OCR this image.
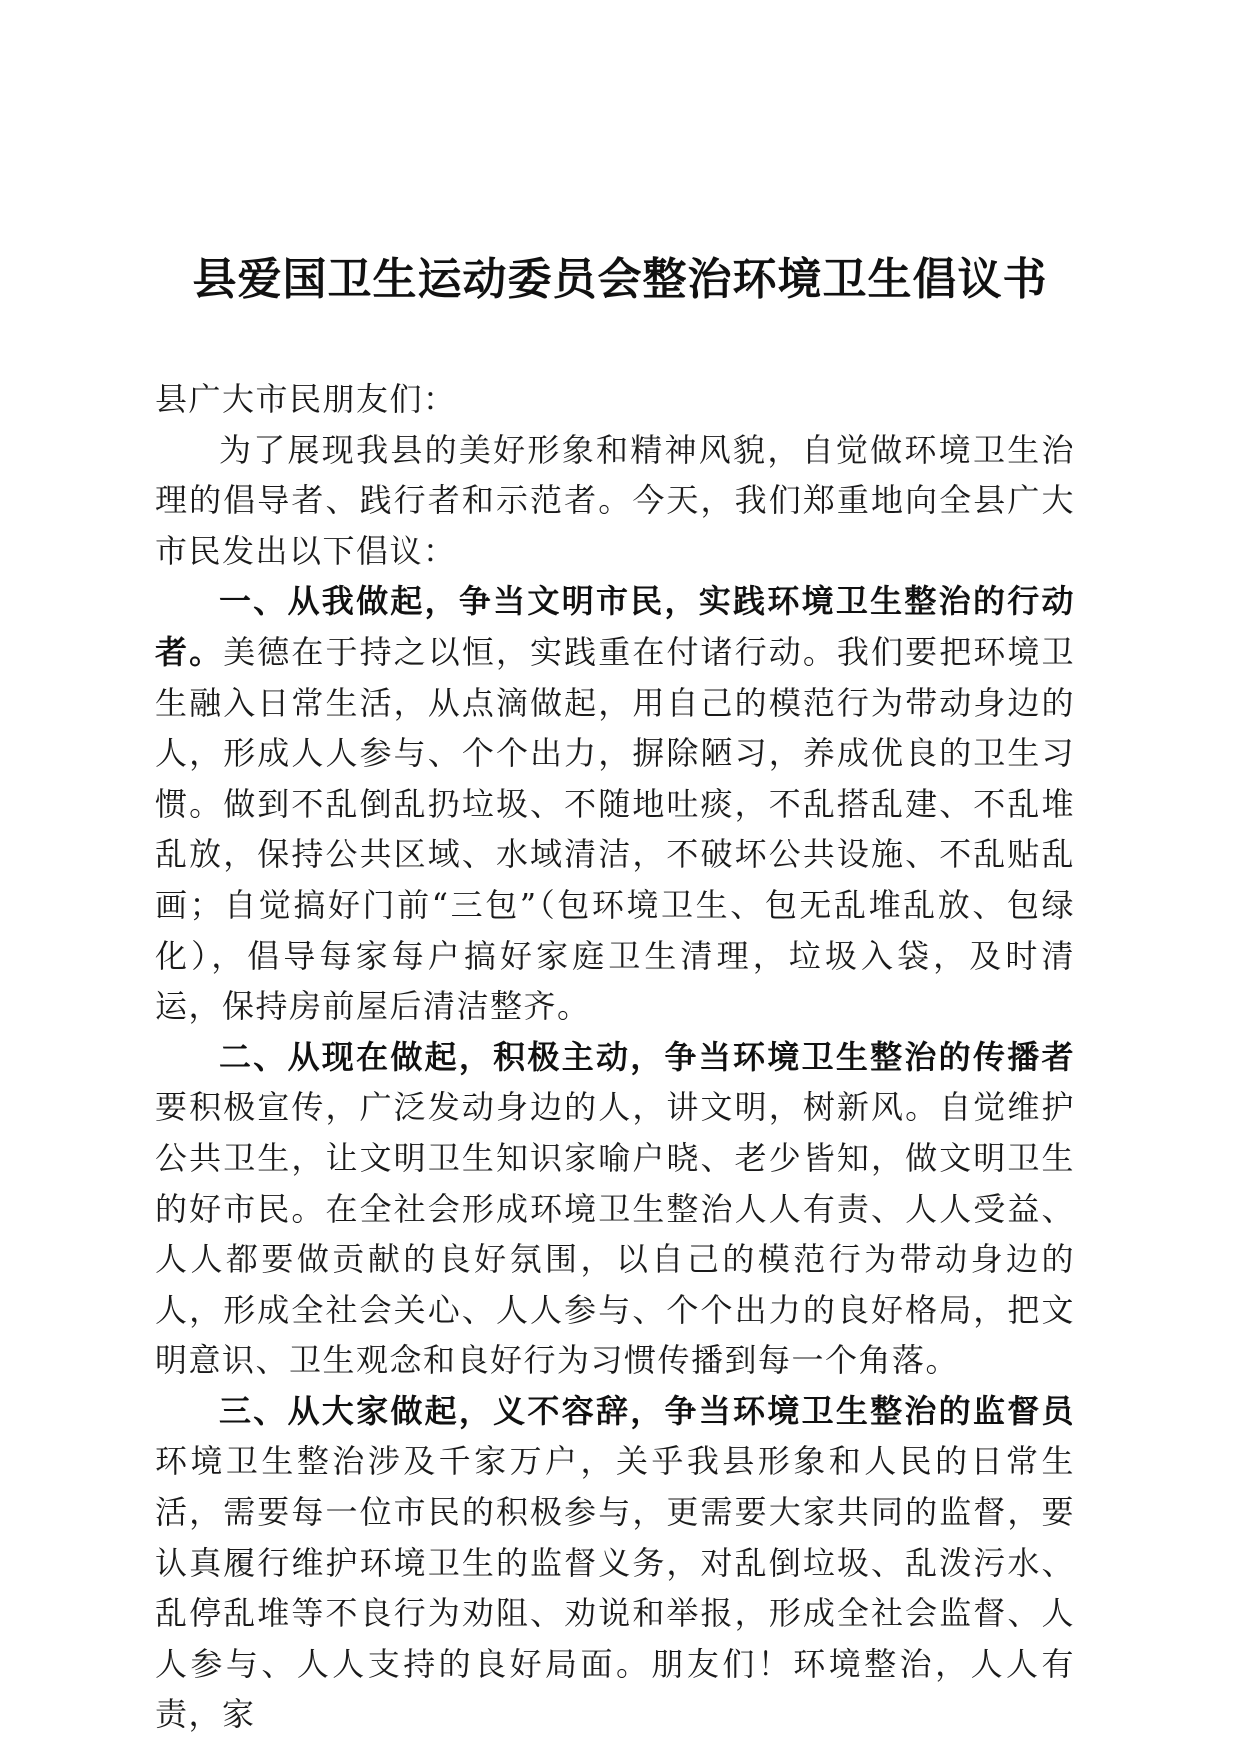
县爱国卫生运动委员会整治环境卫生倡议书

县广大市民朋友们：

为了展现我县的美好形象和精神风貌，自觉做环境卫生治理的倡导者、践行者和示范者。今天，我们郑重地向全县广大市民发出以下倡议：

一、从我做起，争当文明市民，实践环境卫生整治的行动者。美德在于持之以恒，实践重在付诸行动。我们要把环境卫生融入日常生活，从点滴做起，用自己的模范行为带动身边的人，形成人人参与、个个出力，摒除陋习，养成优良的卫生习惯。做到不乱倒乱扔垃圾、不随地吐痰，不乱搭乱建、不乱堆乱放，保持公共区域、水域清洁，不破坏公共设施、不乱贴乱画；自觉搞好门前“三包”（包环境卫生、包无乱堆乱放、包绿化），倡导每家每户搞好家庭卫生清理，垃圾入袋，及时清运，保持房前屋后清洁整齐。

二、从现在做起，积极主动，争当环境卫生整治的传播者要积极宣传，广泛发动身边的人，讲文明，树新风。自觉维护公共卫生，让文明卫生知识家喻户晓、老少皆知，做文明卫生的好市民。在全社会形成环境卫生整治人人有责、人人受益、人人都要做贡献的良好氛围，以自己的模范行为带动身边的人，形成全社会关心、人人参与、个个出力的良好格局，把文明意识、卫生观念和良好行为习惯传播到每一个角落。

三、从大家做起，义不容辞，争当环境卫生整治的监督员环境卫生整治涉及千家万户，关乎我县形象和人民的日常生活，需要每一位市民的积极参与，更需要大家共同的监督，要认真履行维护环境卫生的监督义务，对乱倒垃圾、乱泼污水、乱停乱堆等不良行为劝阻、劝说和举报，形成全社会监督、人人参与、人人支持的良好局面。朋友们！环境整治，人人有责，家
